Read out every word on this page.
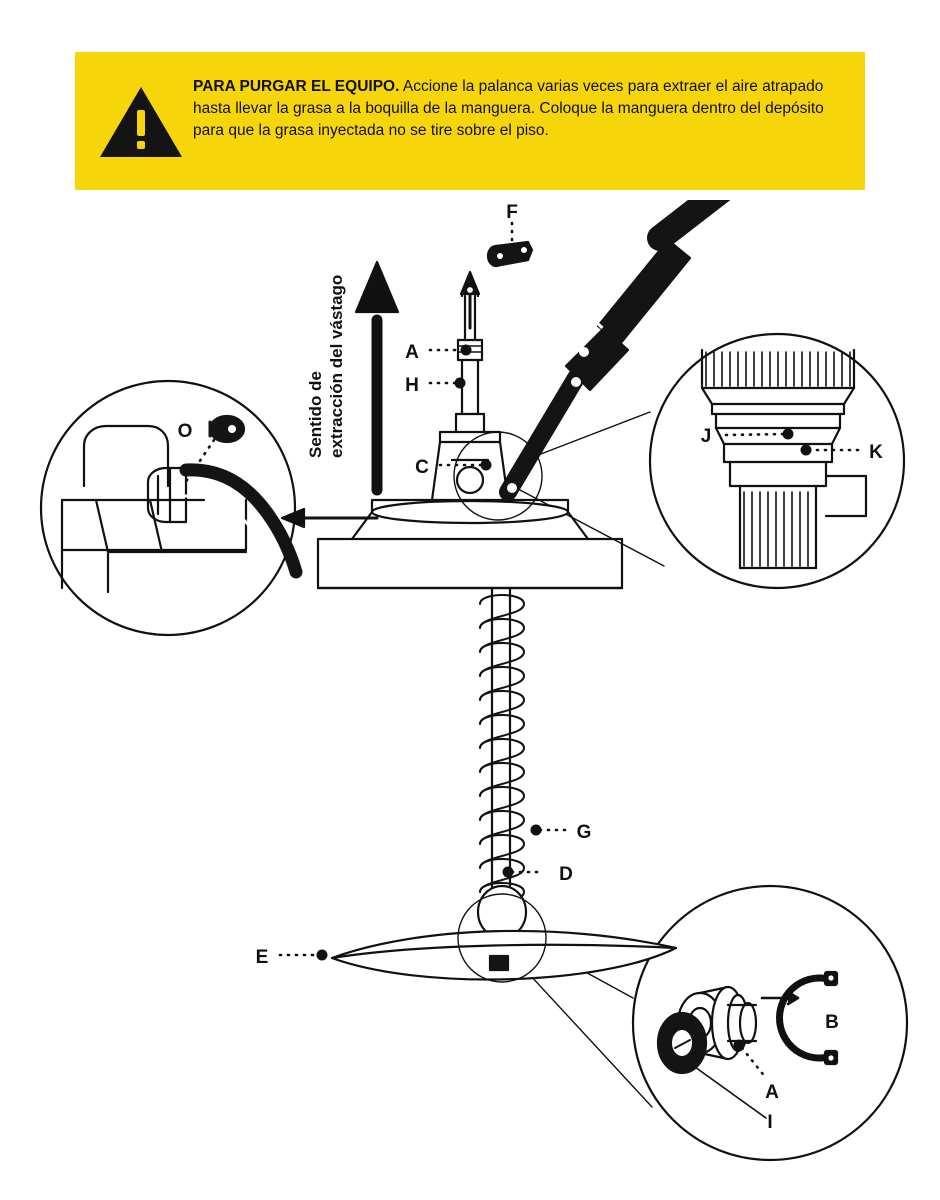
PARA PURGAR EL EQUIPO. Accione la palanca varias veces para extraer el aire atrapado hasta llevar la grasa a la boquilla de la manguera. Coloque la manguera dentro del depósito para que la grasa inyectada no se tire sobre el piso.
O	J
K
B
A
I
F
G
D
E
C
A
H
Sentido de extracción del vástago
